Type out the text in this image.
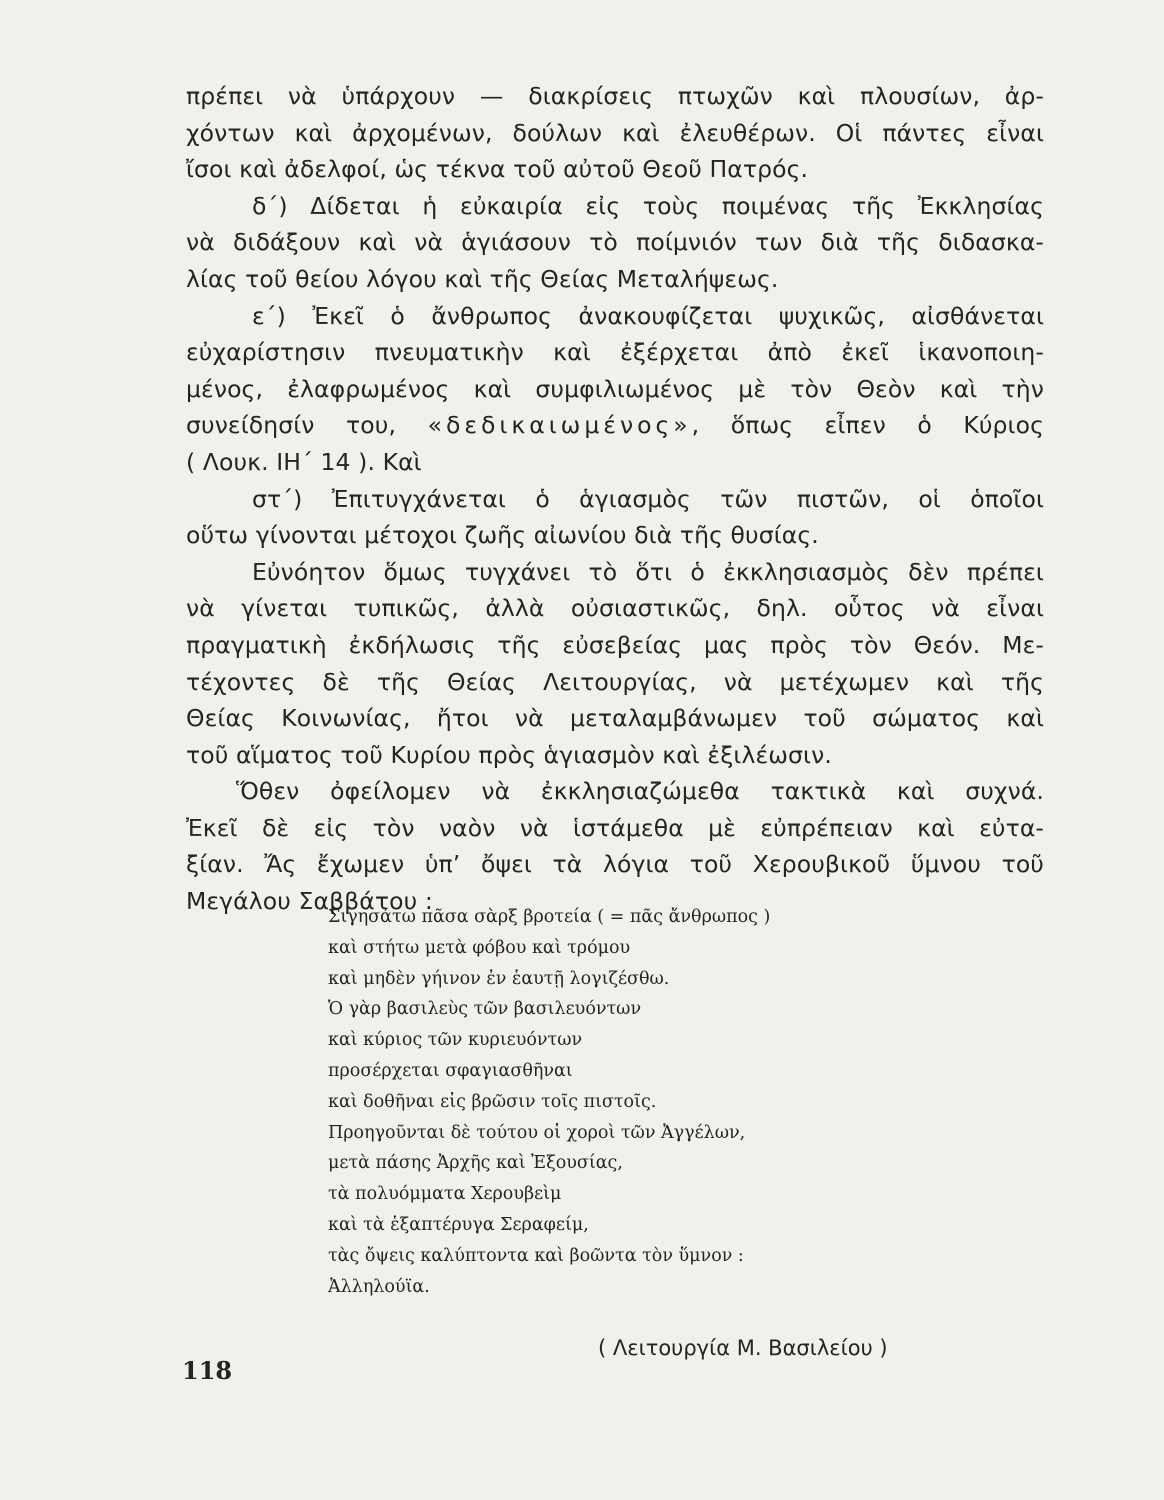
πρέπει νὰ ὑπάρχουν — διακρίσεις πτωχῶν καὶ πλουσίων, ἀρ-
χόντων καὶ ἀρχομένων, δούλων καὶ ἐλευθέρων. Οἱ πάντες εἶναι
ἴσοι καὶ ἀδελφοί, ὡς τέκνα τοῦ αὐτοῦ Θεοῦ Πατρός.
δ΄) Δίδεται ἡ εὐκαιρία εἰς τοὺς ποιμένας τῆς Ἐκκλησίας
νὰ διδάξουν καὶ νὰ ἁγιάσουν τὸ ποίμνιόν των διὰ τῆς διδασκα-
λίας τοῦ θείου λόγου καὶ τῆς Θείας Μεταλήψεως.
ε΄) Ἐκεῖ ὁ ἄνθρωπος ἀνακουφίζεται ψυχικῶς, αἰσθάνεται
εὐχαρίστησιν πνευματικὴν καὶ ἐξέρχεται ἀπὸ ἐκεῖ ἱκανοποιη-
μένος, ἐλαφρωμένος καὶ συμφιλιωμένος μὲ τὸν Θεὸν καὶ τὴν
συνείδησίν του, «δεδικαιωμένος», ὅπως εἶπεν ὁ Κύριος
( Λουκ. ΙΗ΄ 14 ). Καὶ
στ΄) Ἐπιτυγχάνεται ὁ ἁγιασμὸς τῶν πιστῶν, οἱ ὁποῖοι
οὕτω γίνονται μέτοχοι ζωῆς αἰωνίου διὰ τῆς θυσίας.
Εὐνόητον ὅμως τυγχάνει τὸ ὅτι ὁ ἐκκλησιασμὸς δὲν πρέπει
νὰ γίνεται τυπικῶς, ἀλλὰ οὐσιαστικῶς, δηλ. οὗτος νὰ εἶναι
πραγματικὴ ἐκδήλωσις τῆς εὐσεβείας μας πρὸς τὸν Θεόν. Με-
τέχοντες δὲ τῆς Θείας Λειτουργίας, νὰ μετέχωμεν καὶ τῆς
Θείας Κοινωνίας, ἤτοι νὰ μεταλαμβάνωμεν τοῦ σώματος καὶ
τοῦ αἵματος τοῦ Κυρίου πρὸς ἁγιασμὸν καὶ ἐξιλέωσιν.
Ὅθεν ὀφείλομεν νὰ ἐκκλησιαζώμεθα τακτικὰ καὶ συχνά.
Ἐκεῖ δὲ εἰς τὸν ναὸν νὰ ἱστάμεθα μὲ εὐπρέπειαν καὶ εὐτα-
ξίαν. Ἄς ἔχωμεν ὑπ’ ὄψει τὰ λόγια τοῦ Χερουβικοῦ ὕμνου τοῦ
Μεγάλου Σαββάτου :
Σιγησάτω πᾶσα σὰρξ βροτεία ( = πᾶς ἄνθρωπος )
καὶ στήτω μετὰ φόβου καὶ τρόμου
καὶ μηδὲν γήινον ἐν ἑαυτῇ λογιζέσθω.
Ὁ γὰρ βασιλεὺς τῶν βασιλευόντων
καὶ κύριος τῶν κυριευόντων
προσέρχεται σφαγιασθῆναι
καὶ δοθῆναι εἰς βρῶσιν τοῖς πιστοῖς.
Προηγοῦνται δὲ τούτου οἱ χοροὶ τῶν Ἀγγέλων,
μετὰ πάσης Ἀρχῆς καὶ Ἐξουσίας,
τὰ πολυόμματα Χερουβεὶμ
καὶ τὰ ἑξαπτέρυγα Σεραφείμ,
τὰς ὄψεις καλύπτοντα καὶ βοῶντα τὸν ὕμνον :
Ἀλληλούϊα.
( Λειτουργία Μ. Βασιλείου )
118
